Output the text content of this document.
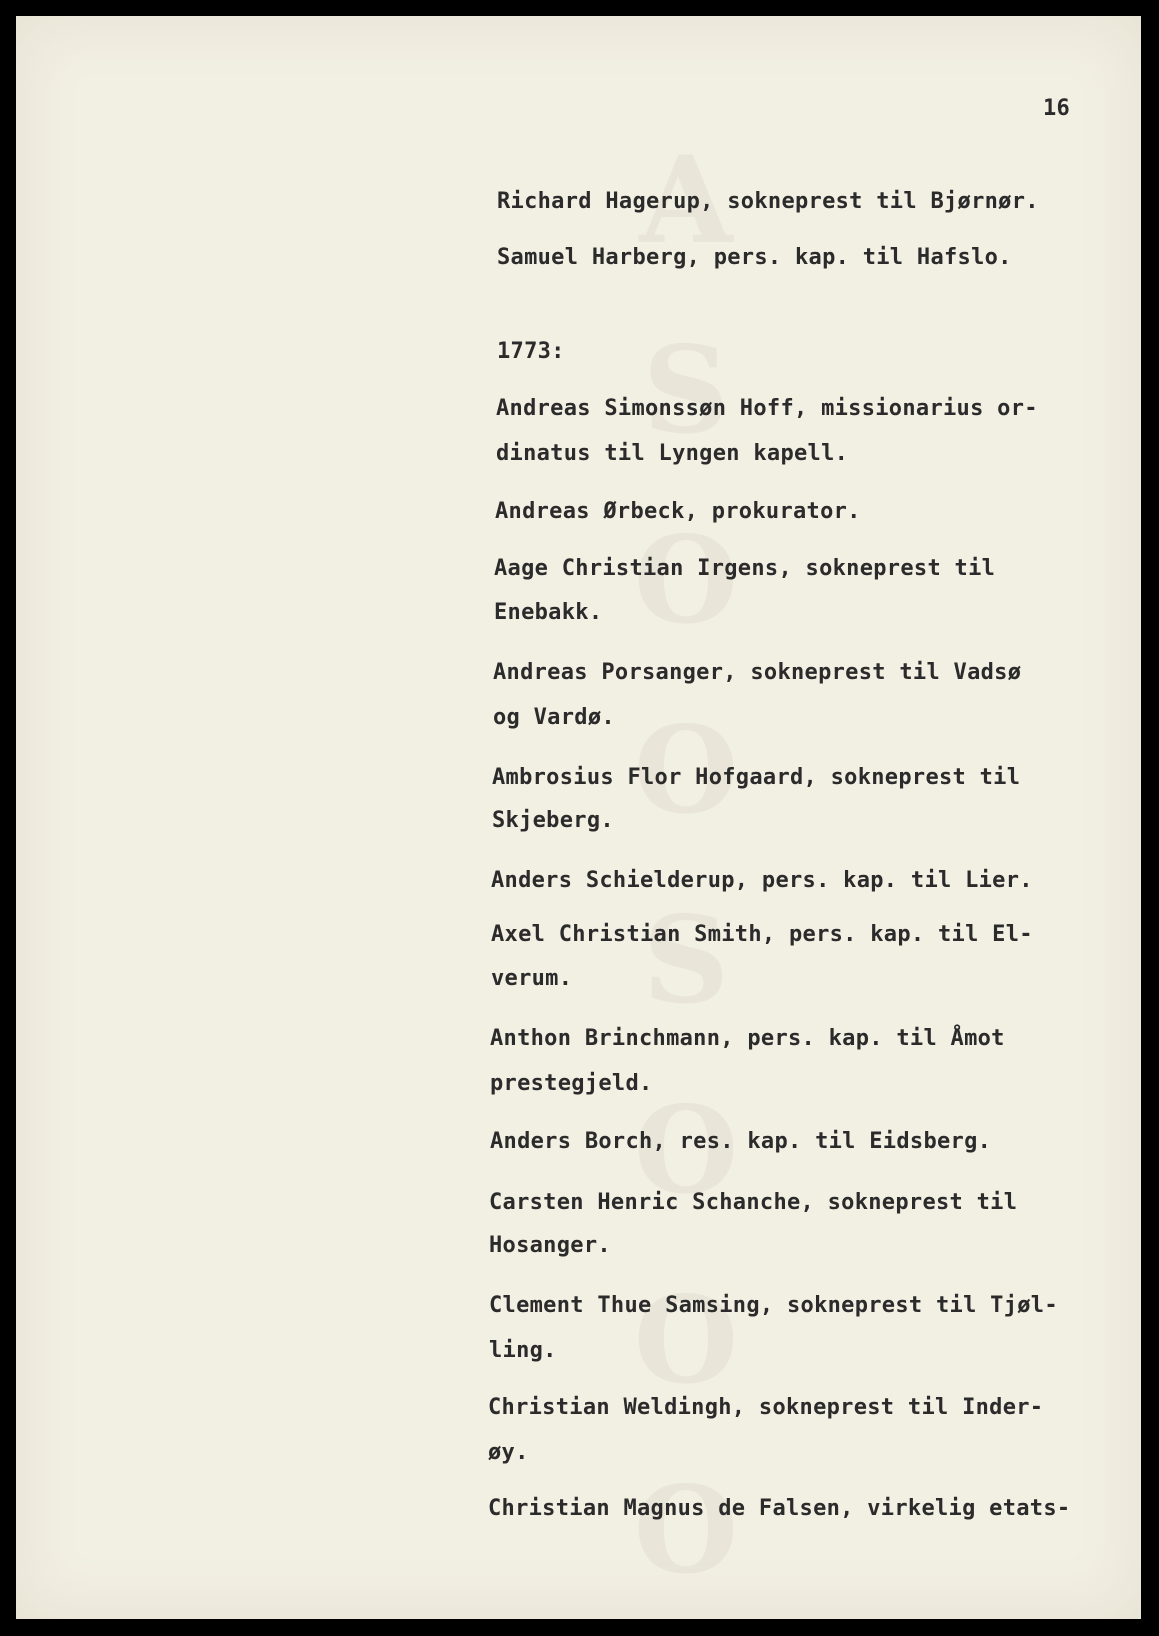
A
S
O
O
S
O
O
O
16
Richard Hagerup, sokneprest til Bjørnør.
Samuel Harberg, pers. kap. til Hafslo.
1773:
Andreas Simonssøn Hoff, missionarius or-
dinatus til Lyngen kapell.
Andreas Ørbeck, prokurator.
Aage Christian Irgens, sokneprest til
Enebakk.
Andreas Porsanger, sokneprest til Vadsø
og Vardø.
Ambrosius Flor Hofgaard, sokneprest til
Skjeberg.
Anders Schielderup, pers. kap. til Lier.
Axel Christian Smith, pers. kap. til El-
verum.
Anthon Brinchmann, pers. kap. til Åmot
prestegjeld.
Anders Borch, res. kap. til Eidsberg.
Carsten Henric Schanche, sokneprest til
Hosanger.
Clement Thue Samsing, sokneprest til Tjøl-
ling.
Christian Weldingh, sokneprest til Inder-
øy.
Christian Magnus de Falsen, virkelig etats-
